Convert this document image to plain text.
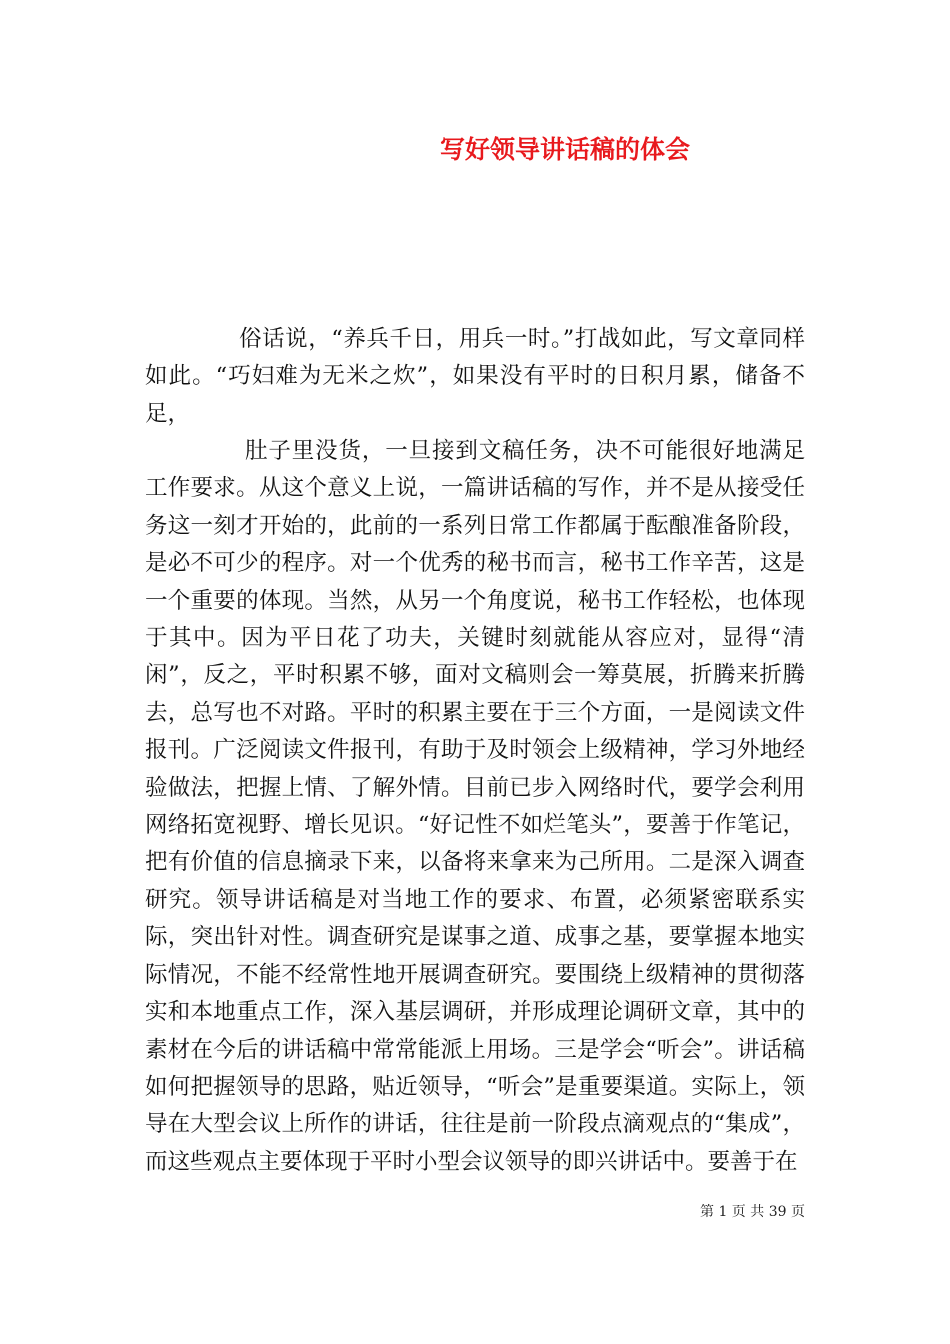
写好领导讲话稿的体会

俗话说，“养兵千日，用兵一时。”打战如此，写文章同样如此。“巧妇难为无米之炊”，如果没有平时的日积月累，储备不足，

肚子里没货，一旦接到文稿任务，决不可能很好地满足工作要求。从这个意义上说，一篇讲话稿的写作，并不是从接受任务这一刻才开始的，此前的一系列日常工作都属于酝酿准备阶段，是必不可少的程序。对一个优秀的秘书而言，秘书工作辛苦，这是一个重要的体现。当然，从另一个角度说，秘书工作轻松，也体现于其中。因为平日花了功夫，关键时刻就能从容应对，显得“清闲”，反之，平时积累不够，面对文稿则会一筹莫展，折腾来折腾去，总写也不对路。平时的积累主要在于三个方面，一是阅读文件报刊。广泛阅读文件报刊，有助于及时领会上级精神，学习外地经验做法，把握上情、了解外情。目前已步入网络时代，要学会利用网络拓宽视野、增长见识。“好记性不如烂笔头”，要善于作笔记，把有价值的信息摘录下来，以备将来拿来为己所用。二是深入调查研究。领导讲话稿是对当地工作的要求、布置，必须紧密联系实际，突出针对性。调查研究是谋事之道、成事之基，要掌握本地实际情况，不能不经常性地开展调查研究。要围绕上级精神的贯彻落实和本地重点工作，深入基层调研，并形成理论调研文章，其中的素材在今后的讲话稿中常常能派上用场。三是学会“听会”。讲话稿如何把握领导的思路，贴近领导，“听会”是重要渠道。实际上，领导在大型会议上所作的讲话，往往是前一阶段点滴观点的“集成”，而这些观点主要体现于平时小型会议领导的即兴讲话中。要善于在

第 1 页 共 39 页
